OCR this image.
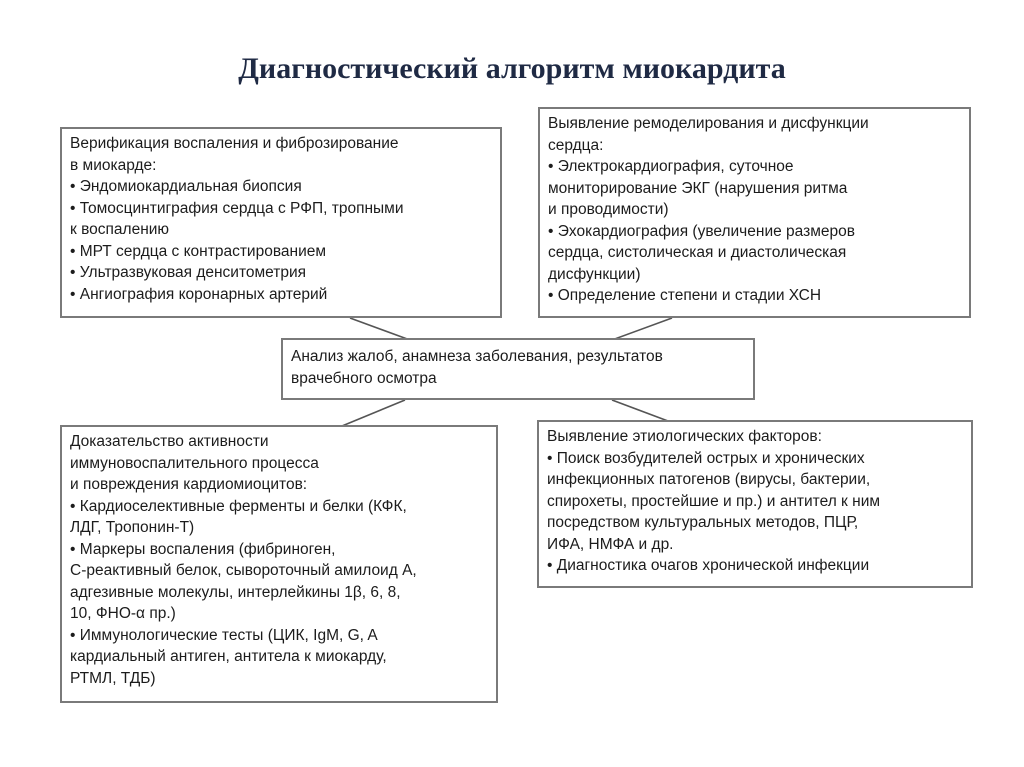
Диагностический алгоритм миокардита
Верификация воспаления и фиброзирование
в миокарде:
• Эндомиокардиальная биопсия
• Томосцинтиграфия сердца с РФП, тропными
к воспалению
• МРТ сердца с контрастированием
• Ультразвуковая денситометрия
• Ангиография коронарных артерий
Выявление ремоделирования и дисфункции
сердца:
• Электрокардиография, суточное
мониторирование ЭКГ (нарушения ритма
и проводимости)
• Эхокардиография (увеличение размеров
сердца, систолическая и диастолическая
дисфункции)
• Определение степени и стадии ХСН
Анализ жалоб, анамнеза заболевания, результатов
врачебного осмотра
Доказательство активности
иммуновоспалительного процесса
и повреждения кардиомиоцитов:
• Кардиоселективные ферменты и белки (КФК,
ЛДГ, Тропонин-Т)
• Маркеры воспаления (фибриноген,
С-реактивный белок, сывороточный амилоид А,
адгезивные молекулы, интерлейкины 1β, 6, 8,
10, ФНО-α пр.)
• Иммунологические тесты (ЦИК, IgM, G, A
кардиальный антиген, антитела к миокарду,
РТМЛ, ТДБ)
Выявление этиологических факторов:
• Поиск возбудителей острых и хронических
инфекционных патогенов (вирусы, бактерии,
спирохеты, простейшие и пр.) и антител к ним
посредством культуральных методов, ПЦР,
ИФА, НМФА и др.
• Диагностика очагов хронической инфекции
